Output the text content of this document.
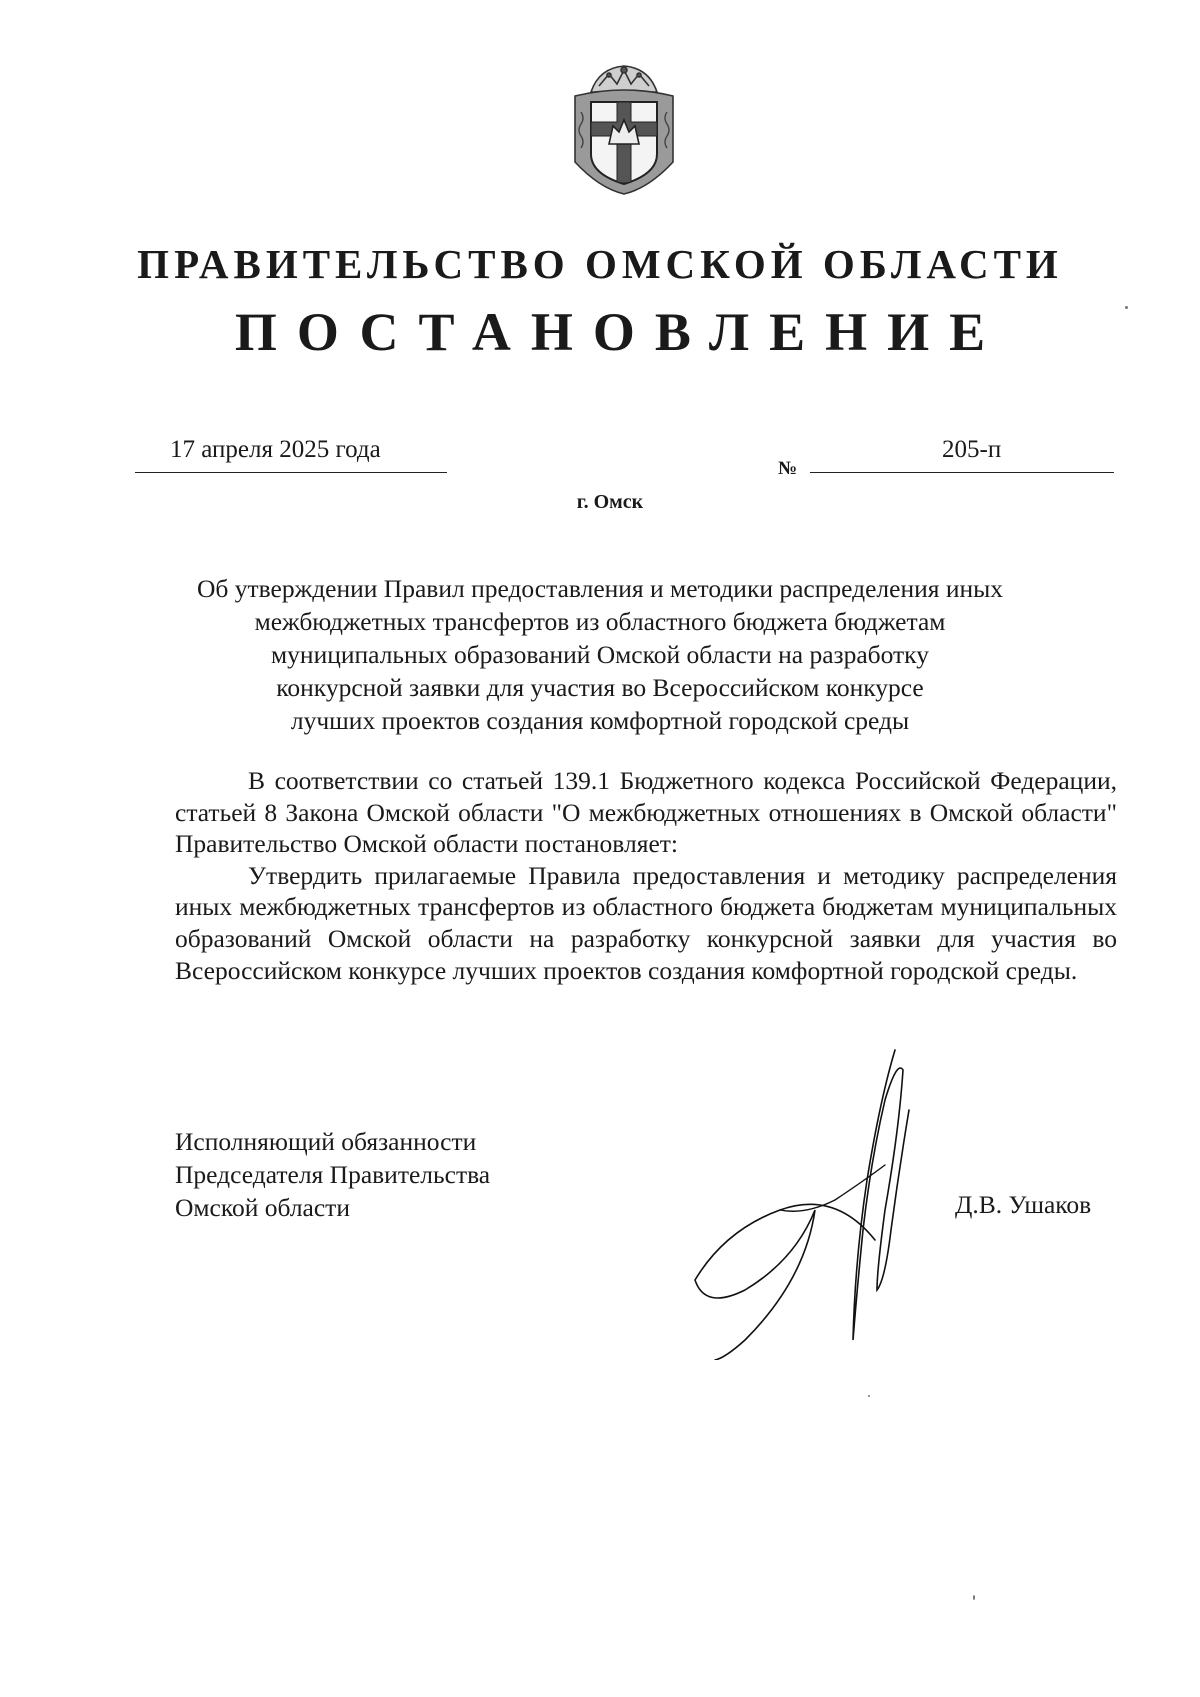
ПРАВИТЕЛЬСТВО ОМСКОЙ ОБЛАСТИ
ПОСТАНОВЛЕНИЕ
17 апреля 2025 года
№
205-п
г. Омск
Об утверждении Правил предоставления и методики распределения иных
межбюджетных трансфертов из областного бюджета бюджетам
муниципальных образований Омской области на разработку
конкурсной заявки для участия во Всероссийском конкурсе
лучших проектов создания комфортной городской среды

В соответствии со статьей 139.1 Бюджетного кодекса Российской Федерации, статьей 8 Закона Омской области "О межбюджетных отношениях в Омской области" Правительство Омской области постановляет:

Утвердить прилагаемые Правила предоставления и методику распределения иных межбюджетных трансфертов из областного бюджета бюджетам муниципальных образований Омской области на разработку конкурсной заявки для участия во Всероссийском конкурсе лучших проектов создания комфортной городской среды.

Исполняющий обязанности
Председателя Правительства
Омской области	Д.В. Ушаков
